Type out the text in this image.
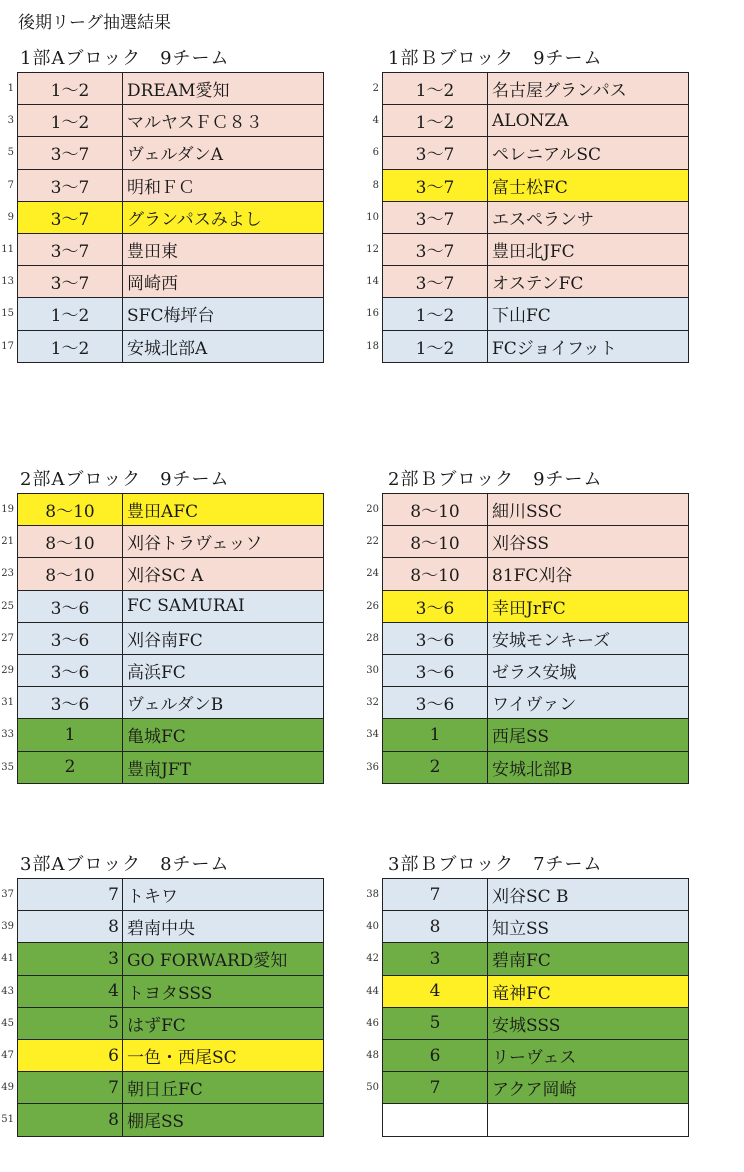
後期リーグ抽選結果
1部Aブロック　9チーム
1	1〜2	DREAM愛知
3	1〜2	マルヤスＦＣ８３
5	3〜7	ヴェルダンA
7	3〜7	明和ＦＣ
9	3〜7	グランパスみよし
11	3〜7	豊田東
13	3〜7	岡崎西
15	1〜2	SFC梅坪台
17	1〜2	安城北部A
1部Ｂブロック　9チーム
2	1〜2	名古屋グランパス
4	1〜2	ALONZA
6	3〜7	ペレニアルSC
8	3〜7	富士松FC
10	3〜7	エスペランサ
12	3〜7	豊田北JFC
14	3〜7	オステンFC
16	1〜2	下山FC
18	1〜2	FCジョイフット
2部Aブロック　9チーム
19	8〜10	豊田AFC
21	8〜10	刈谷トラヴェッソ
23	8〜10	刈谷SC A
25	3〜6	FC SAMURAI
27	3〜6	刈谷南FC
29	3〜6	高浜FC
31	3〜6	ヴェルダンB
33	1	亀城FC
35	2	豊南JFT
2部Ｂブロック　9チーム
20	8〜10	細川SSC
22	8〜10	刈谷SS
24	8〜10	81FC刈谷
26	3〜6	幸田JrFC
28	3〜6	安城モンキーズ
30	3〜6	ゼラス安城
32	3〜6	ワイヴァン
34	1	西尾SS
36	2	安城北部B
3部Aブロック　8チーム
37	7	トキワ
39	8	碧南中央
41	3	GO FORWARD愛知
43	4	トヨタSSS
45	5	はずFC
47	6	一色・西尾SC
49	7	朝日丘FC
51	8	棚尾SS
3部Ｂブロック　7チーム
38	7	刈谷SC B
40	8	知立SS
42	3	碧南FC
44	4	竜神FC
46	5	安城SSS
48	6	リーヴェス
50	7	アクア岡崎
